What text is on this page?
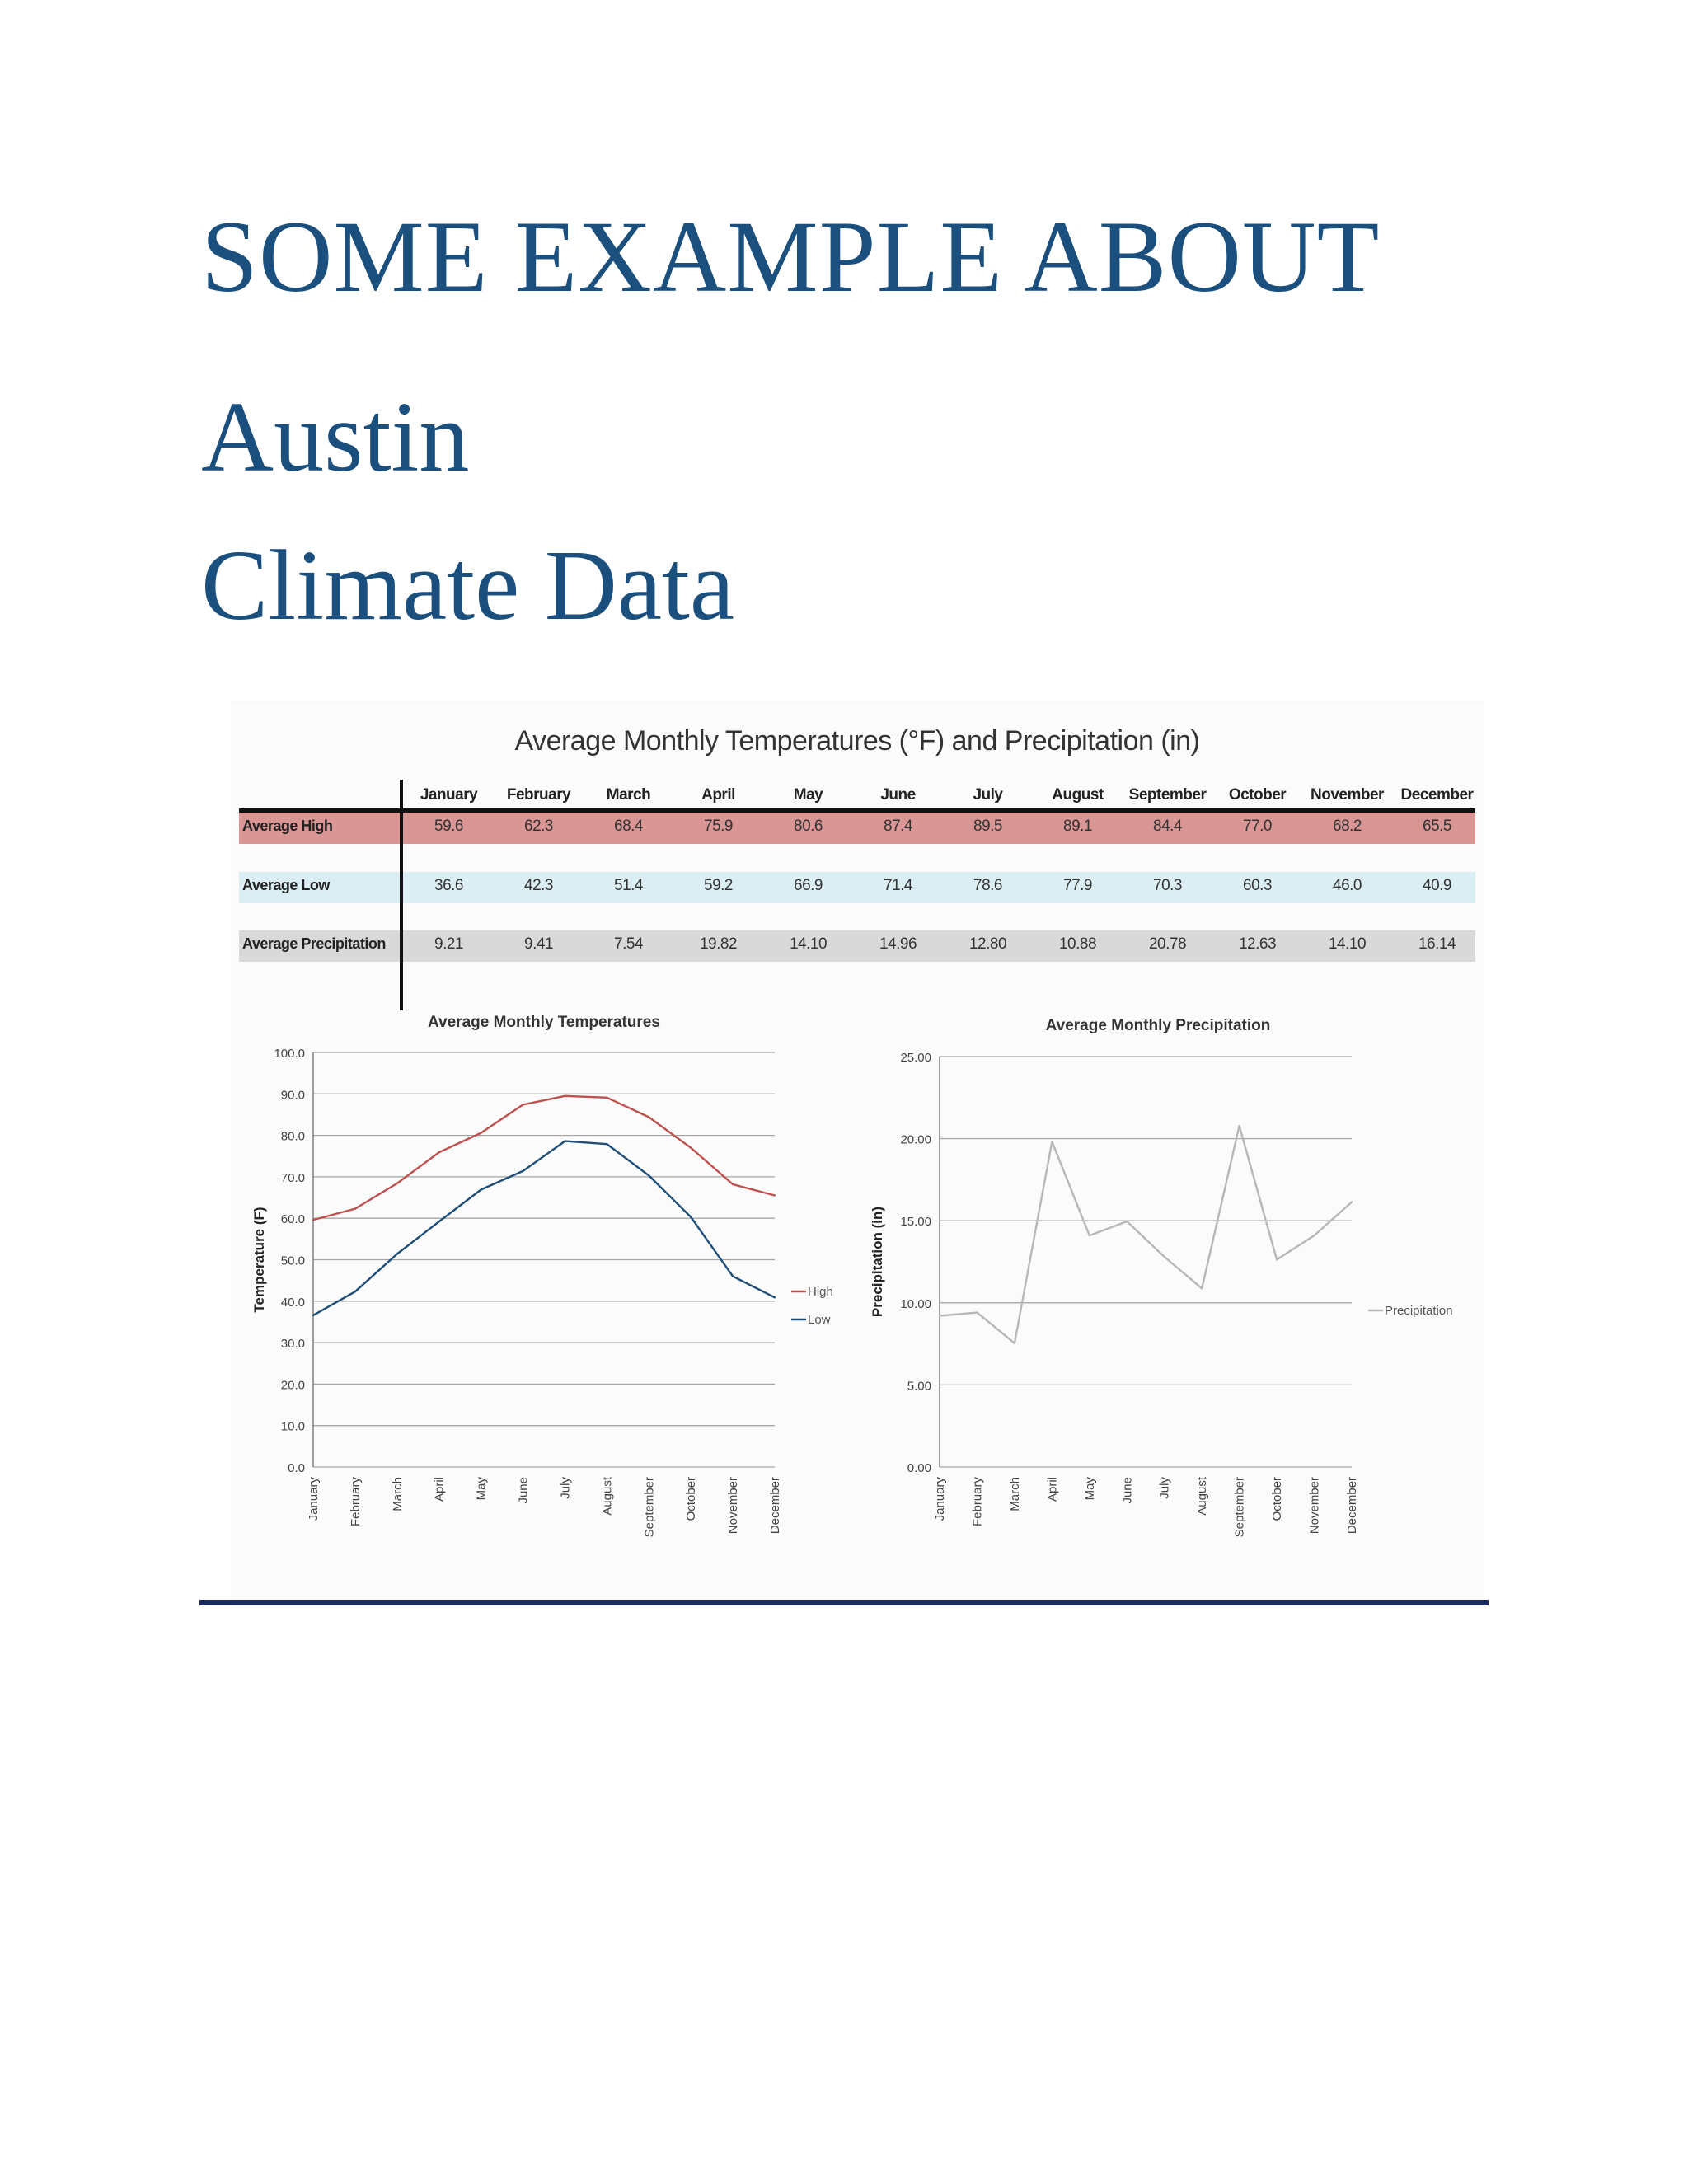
SOME EXAMPLE ABOUT
Austin
Climate Data
Average Monthly Temperatures (°F) and Precipitation (in)
January	February	March	April	May	June	July	August	September	October	November	December
Average High	59.6	62.3	68.4	75.9	80.6	87.4	89.5	89.1	84.4	77.0	68.2	65.5
Average Low	36.6	42.3	51.4	59.2	66.9	71.4	78.6	77.9	70.3	60.3	46.0	40.9
Average Precipitation	9.21	9.41	7.54	19.82	14.10	14.96	12.80	10.88	20.78	12.63	14.10	16.14
Average Monthly Temperatures
0.0
10.0
20.0
30.0
40.0
50.0
60.0
70.0
80.0
90.0
100.0
Temperature (F)
January February March April May June July August September October November December
High
Low
Average Monthly Precipitation
0.00
5.00
10.00
15.00
20.00
25.00
Precipitation (in)
January February March April May June July August September October November December
Precipitation
